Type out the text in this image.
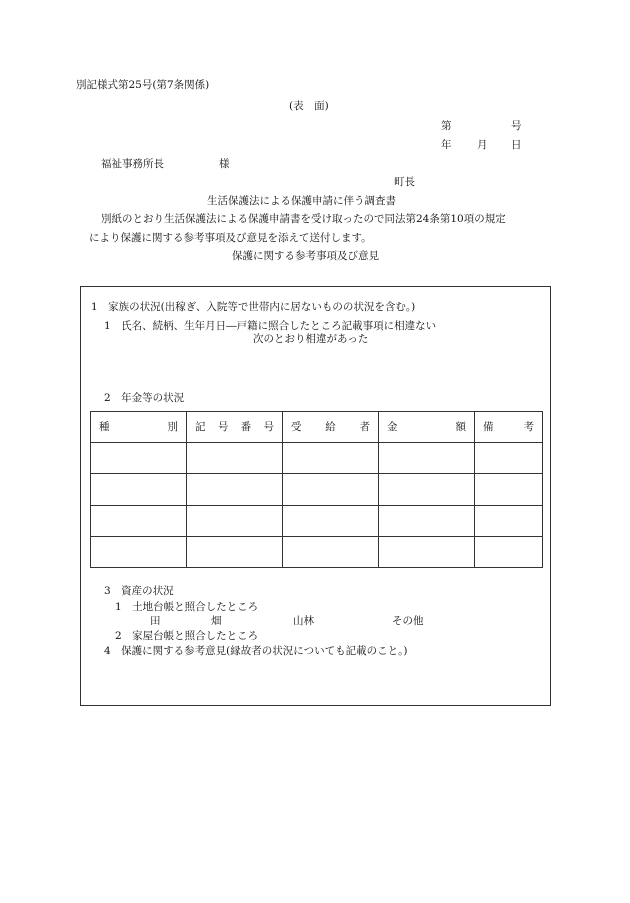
別記様式第25号(第7条関係)
(表　面)
第	号
年 月 日
福祉事務所長	様
町長
生活保護法による保護申請に伴う調査書
別紙のとおり生活保護法による保護申請書を受け取ったので同法第24条第10項の規定
により保護に関する参考事項及び意見を添えて送付します。
保護に関する参考事項及び意見
1　家族の状況(出稼ぎ、入院等で世帯内に居ないものの状況を含む。)
1　氏名、続柄、生年月日―戸籍に照合したところ記載事項に相違ない
次のとおり相違があった
2　年金等の状況
種 別	記 号 番 号	受 給 者	金 額	備 考

3　資産の状況
1　土地台帳と照合したところ
田	畑	山林	その他
2　家屋台帳と照合したところ
4　保護に関する参考意見(縁故者の状況についても記載のこと。)
